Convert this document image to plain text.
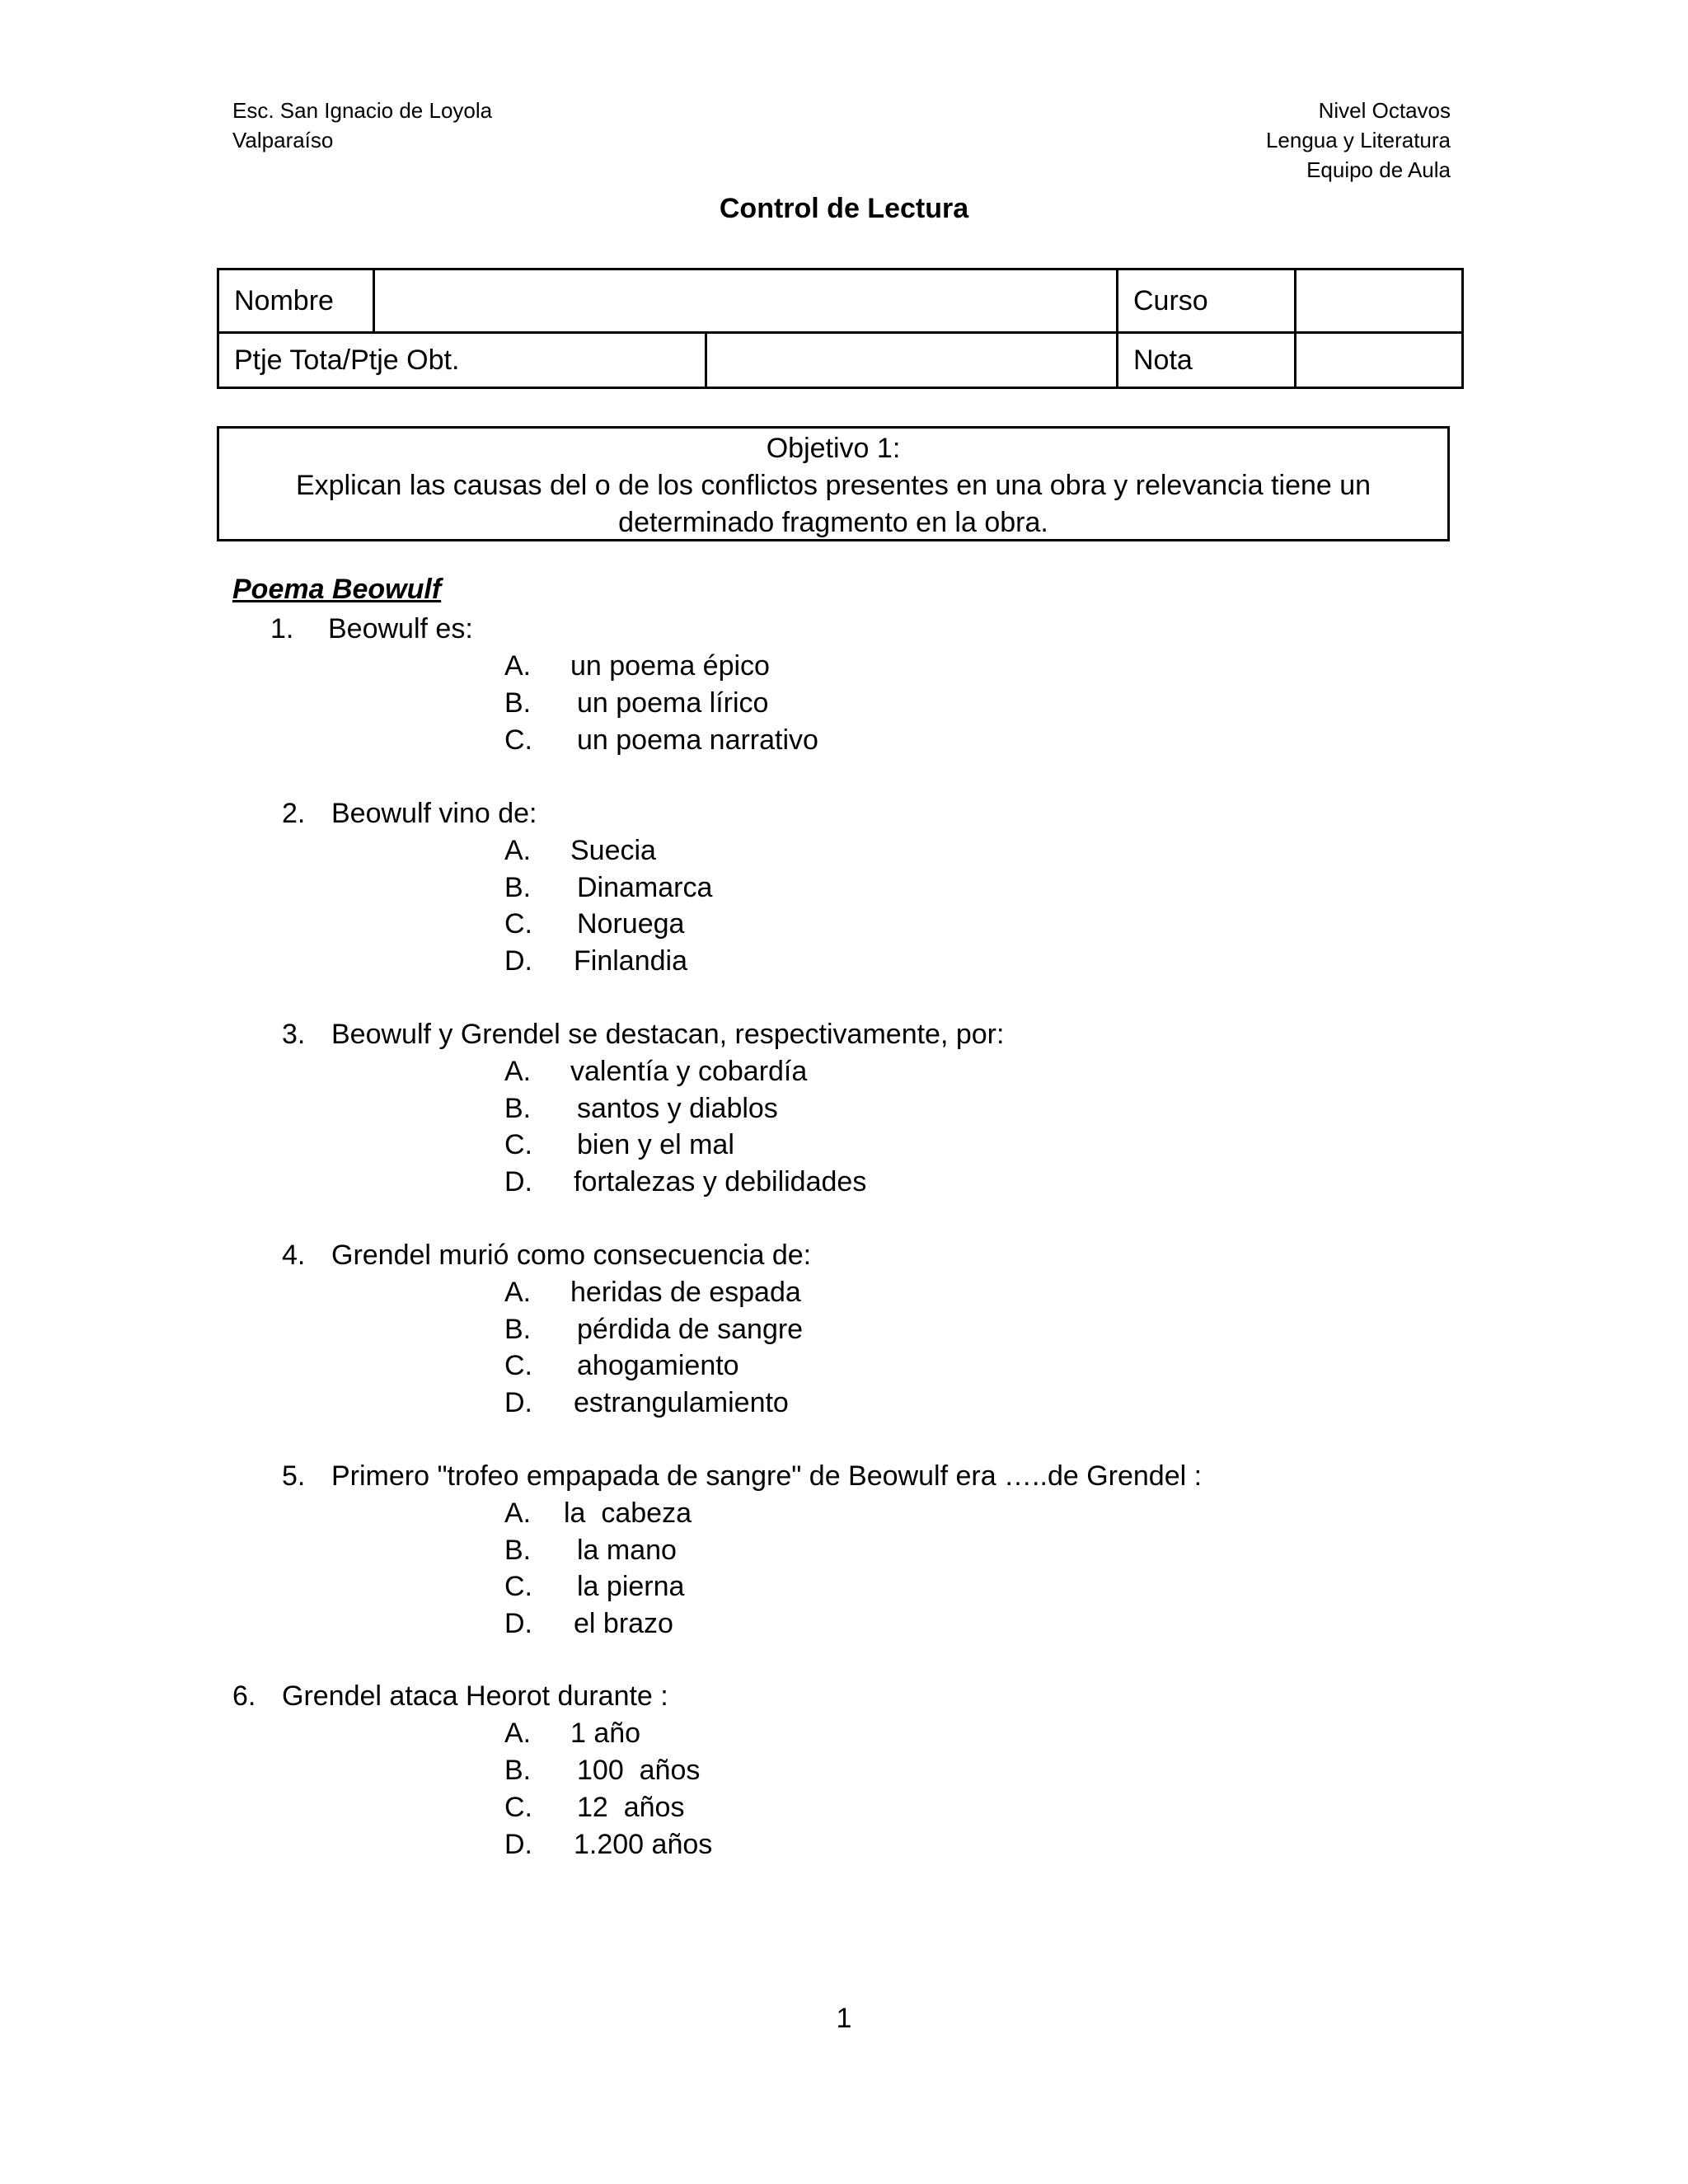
Esc. San Ignacio de Loyola
Valparaíso
Nivel Octavos
Lengua y Literatura
Equipo de Aula
Control de Lectura
Nombre			Curso	
Ptje Tota/Ptje Obt.			Nota	
Objetivo 1:
Explican las causas del o de los conflictos presentes en una obra y relevancia tiene un
determinado fragmento en la obra.
Poema Beowulf
1. Beowulf es:
A. un poema épico
B. un poema lírico
C. un poema narrativo
2. Beowulf vino de:
A. Suecia
B. Dinamarca
C. Noruega
D. Finlandia
3. Beowulf y Grendel se destacan, respectivamente, por:
A. valentía y cobardía
B. santos y diablos
C. bien y el mal
D. fortalezas y debilidades
4. Grendel murió como consecuencia de:
A. heridas de espada
B. pérdida de sangre
C. ahogamiento
D. estrangulamiento
5. Primero "trofeo empapada de sangre" de Beowulf era …..de Grendel :
A. la  cabeza
B. la mano
C. la pierna
D. el brazo
6. Grendel ataca Heorot durante :
A. 1 año
B. 100  años
C. 12  años
D. 1.200 años
1
